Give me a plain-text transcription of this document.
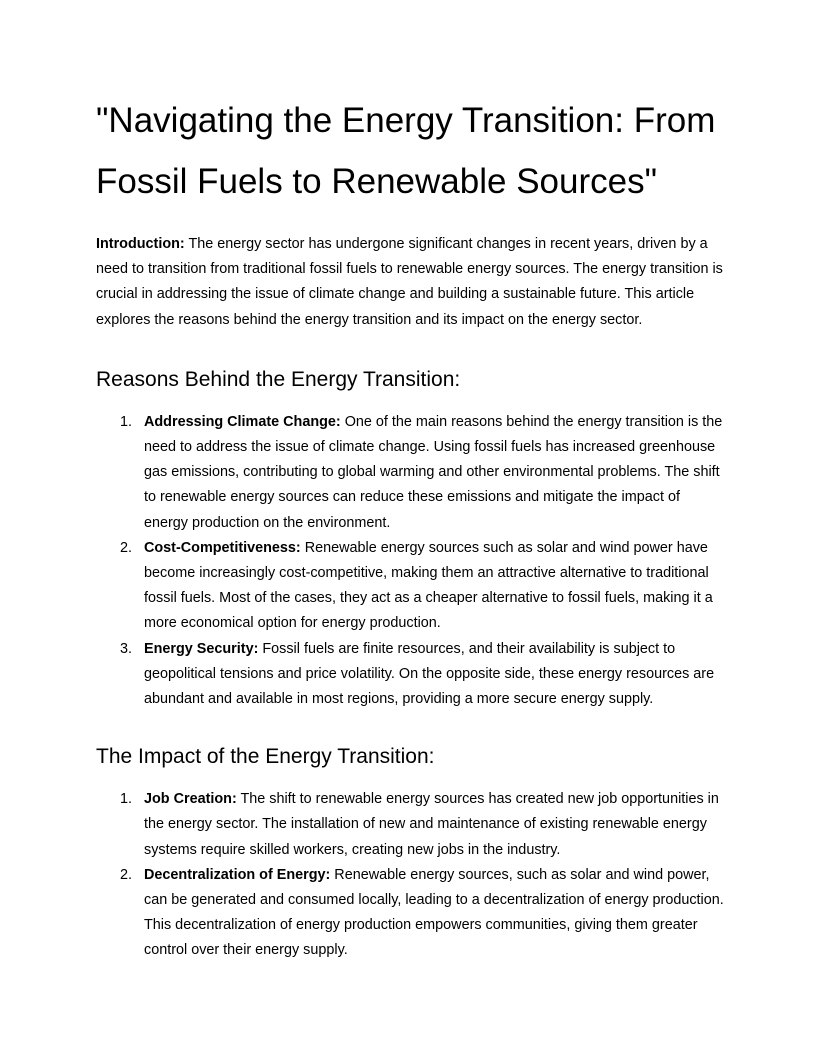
"Navigating the Energy Transition: From Fossil Fuels to Renewable Sources"

Introduction: The energy sector has undergone significant changes in recent years, driven by a need to transition from traditional fossil fuels to renewable energy sources. The energy transition is crucial in addressing the issue of climate change and building a sustainable future. This article explores the reasons behind the energy transition and its impact on the energy sector.

Reasons Behind the Energy Transition:
1. Addressing Climate Change: One of the main reasons behind the energy transition is the need to address the issue of climate change. Using fossil fuels has increased greenhouse gas emissions, contributing to global warming and other environmental problems. The shift to renewable energy sources can reduce these emissions and mitigate the impact of energy production on the environment.
2. Cost-Competitiveness: Renewable energy sources such as solar and wind power have become increasingly cost-competitive, making them an attractive alternative to traditional fossil fuels. Most of the cases, they act as a cheaper alternative to fossil fuels, making it a more economical option for energy production.
3. Energy Security: Fossil fuels are finite resources, and their availability is subject to geopolitical tensions and price volatility. On the opposite side, these energy resources are abundant and available in most regions, providing a more secure energy supply.
The Impact of the Energy Transition:
1. Job Creation: The shift to renewable energy sources has created new job opportunities in the energy sector. The installation of new and maintenance of existing renewable energy systems require skilled workers, creating new jobs in the industry.
2. Decentralization of Energy: Renewable energy sources, such as solar and wind power, can be generated and consumed locally, leading to a decentralization of energy production. This decentralization of energy production empowers communities, giving them greater control over their energy supply.
